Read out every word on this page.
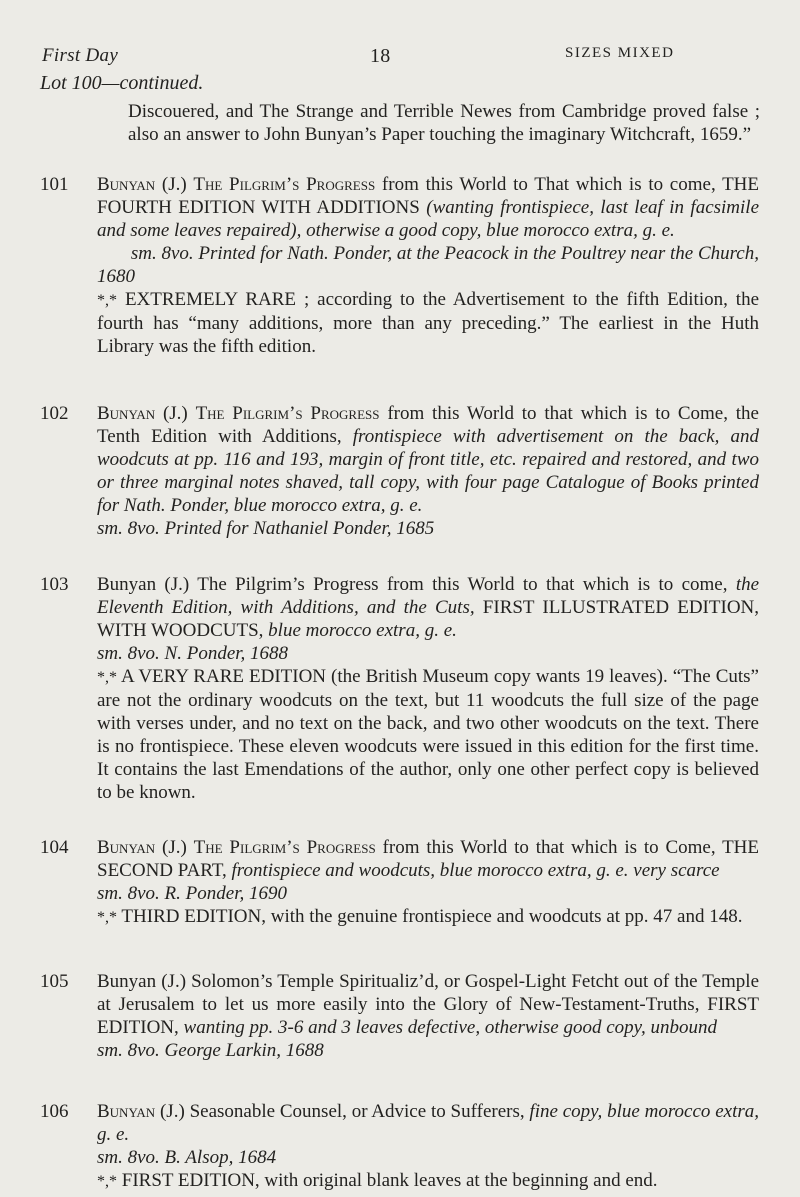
First Day	18	SIZES MIXED
Lot 100—continued.
Discouered, and The Strange and Terrible Newes from Cambridge proved false ; also an answer to John Bunyan’s Paper touching the imaginary Witchcraft, 1659.”
101 Bunyan (J.) The Pilgrim’s Progress from this World to That which is to come, THE FOURTH EDITION WITH ADDITIONS (wanting frontispiece, last leaf in facsimile and some leaves repaired), otherwise a good copy, blue morocco extra, g. e.
sm. 8vo. Printed for Nath. Ponder, at the Peacock in the Poultrey near the Church, 1680
*,* EXTREMELY RARE ; according to the Advertisement to the fifth Edition, the fourth has “many additions, more than any preceding.” The earliest in the Huth Library was the fifth edition.
102 Bunyan (J.) The Pilgrim’s Progress from this World to that which is to Come, the Tenth Edition with Additions, frontispiece with advertisement on the back, and woodcuts at pp. 116 and 193, margin of front title, etc. repaired and restored, and two or three marginal notes shaved, tall copy, with four page Catalogue of Books printed for Nath. Ponder, blue morocco extra, g. e.
sm. 8vo. Printed for Nathaniel Ponder, 1685
103 Bunyan (J.) The Pilgrim’s Progress from this World to that which is to come, the Eleventh Edition, with Additions, and the Cuts, FIRST ILLUSTRATED EDITION, WITH WOODCUTS, blue morocco extra, g. e.
sm. 8vo. N. Ponder, 1688
*,* A VERY RARE EDITION (the British Museum copy wants 19 leaves). “The Cuts” are not the ordinary woodcuts on the text, but 11 woodcuts the full size of the page with verses under, and no text on the back, and two other woodcuts on the text. There is no frontispiece. These eleven woodcuts were issued in this edition for the first time. It contains the last Emendations of the author, only one other perfect copy is believed to be known.
104 Bunyan (J.) The Pilgrim’s Progress from this World to that which is to Come, THE SECOND PART, frontispiece and woodcuts, blue morocco extra, g. e. very scarce
sm. 8vo. R. Ponder, 1690
*,* THIRD EDITION, with the genuine frontispiece and woodcuts at pp. 47 and 148.
105 Bunyan (J.) Solomon’s Temple Spiritualiz’d, or Gospel-Light Fetcht out of the Temple at Jerusalem to let us more easily into the Glory of New-Testament-Truths, FIRST EDITION, wanting pp. 3-6 and 3 leaves defective, otherwise good copy, unbound
sm. 8vo. George Larkin, 1688
106 Bunyan (J.) Seasonable Counsel, or Advice to Sufferers, fine copy, blue morocco extra, g. e.
sm. 8vo. B. Alsop, 1684
*,* FIRST EDITION, with original blank leaves at the beginning and end.
